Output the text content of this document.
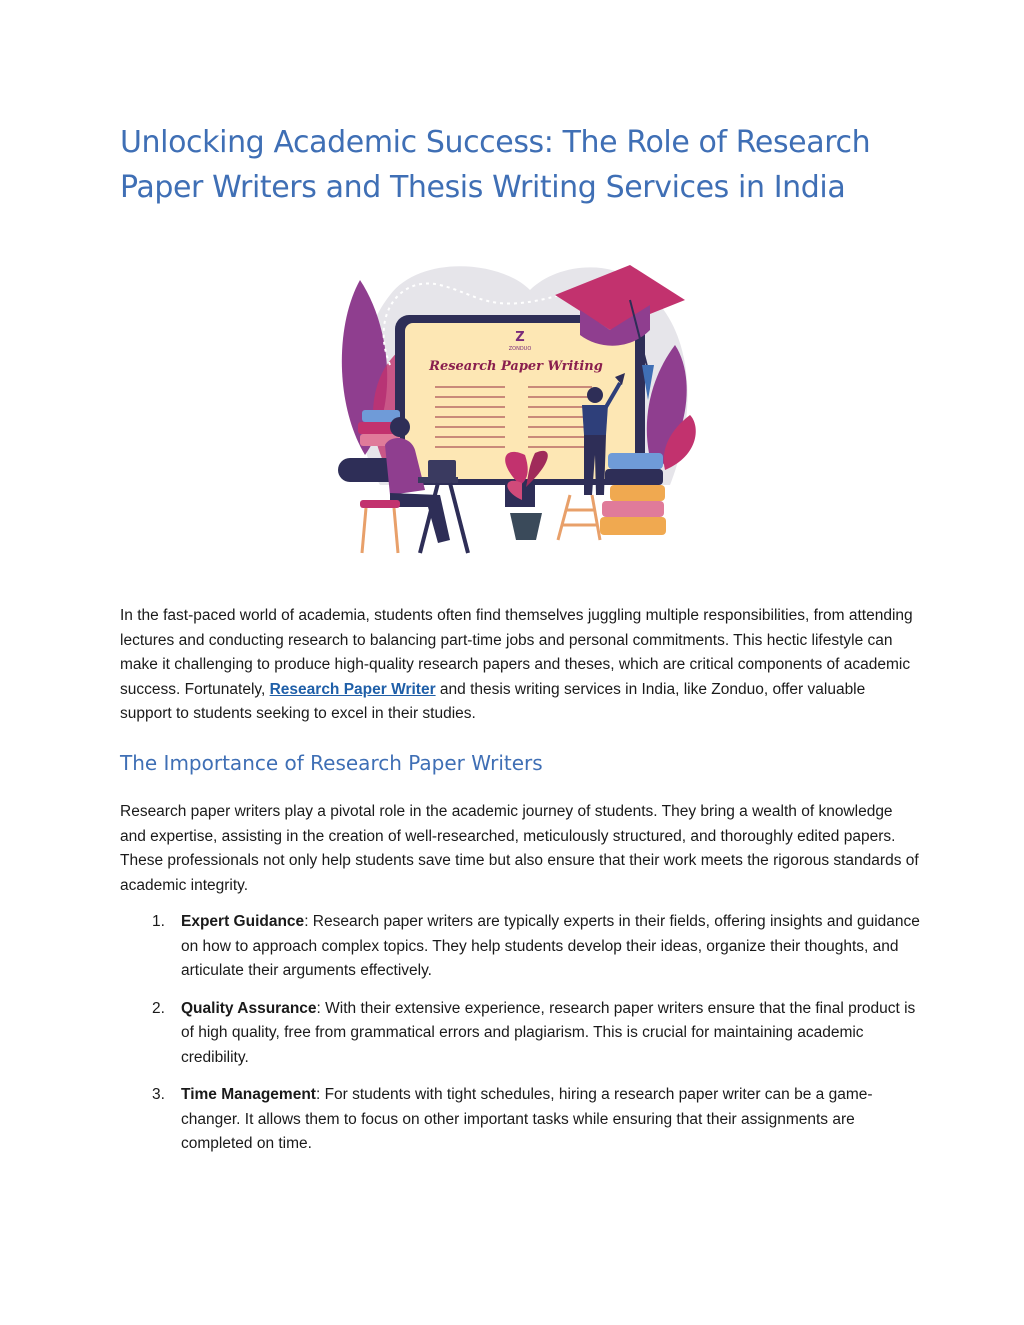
Unlocking Academic Success: The Role of Research Paper Writers and Thesis Writing Services in India
Z
ZONDUO
Research Paper Writing

In the fast-paced world of academia, students often find themselves juggling multiple responsibilities, from attending lectures and conducting research to balancing part-time jobs and personal commitments. This hectic lifestyle can make it challenging to produce high-quality research papers and theses, which are critical components of academic success. Fortunately, Research Paper Writer and thesis writing services in India, like Zonduo, offer valuable support to students seeking to excel in their studies.

The Importance of Research Paper Writers

Research paper writers play a pivotal role in the academic journey of students. They bring a wealth of knowledge and expertise, assisting in the creation of well-researched, meticulously structured, and thoroughly edited papers. These professionals not only help students save time but also ensure that their work meets the rigorous standards of academic integrity.

1. Expert Guidance: Research paper writers are typically experts in their fields, offering insights and guidance on how to approach complex topics. They help students develop their ideas, organize their thoughts, and articulate their arguments effectively.
2. Quality Assurance: With their extensive experience, research paper writers ensure that the final product is of high quality, free from grammatical errors and plagiarism. This is crucial for maintaining academic credibility.
3. Time Management: For students with tight schedules, hiring a research paper writer can be a game-changer. It allows them to focus on other important tasks while ensuring that their assignments are completed on time.
